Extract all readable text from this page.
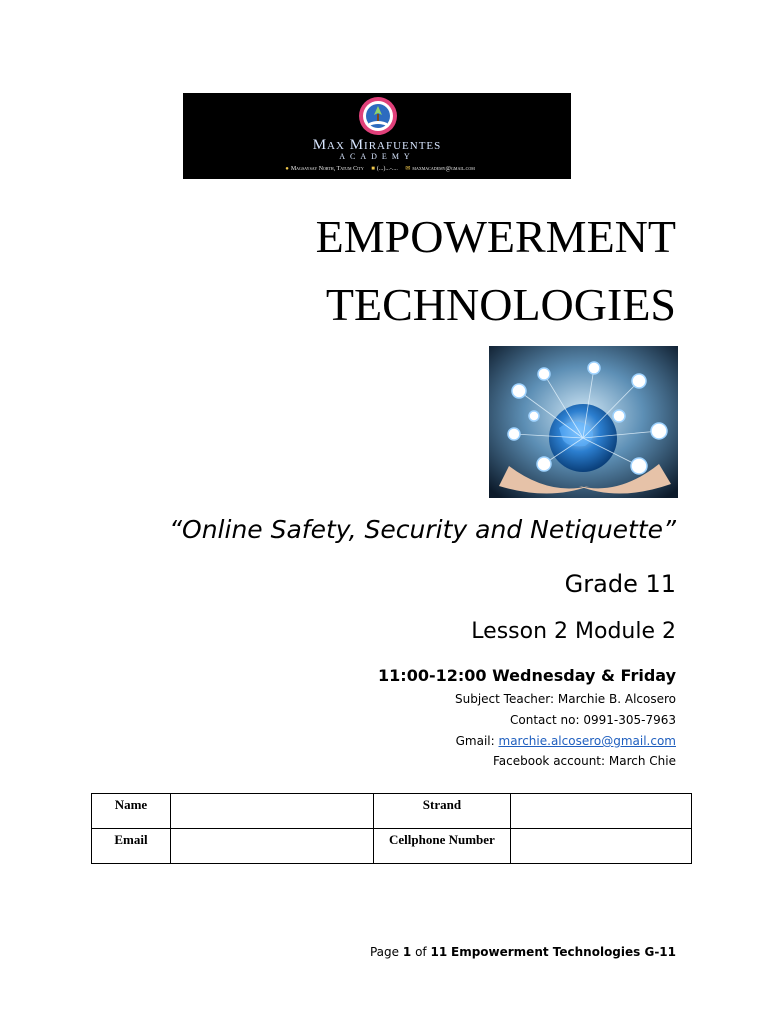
Max Mirafuentes
ACADEMY
● Magsaysay North, Tatum City ■ (...)...-.... ✉ maxmacademy@gmail.com
EMPOWERMENT
TECHNOLOGIES
“Online Safety, Security and Netiquette”
Grade 11
Lesson 2 Module 2
11:00-12:00 Wednesday & Friday
Subject Teacher: Marchie B. Alcosero
Contact no: 0991-305-7963
Gmail: marchie.alcosero@gmail.com
Facebook account: March Chie
Name		Strand	
Email		Cellphone Number	
Page 1 of 11 Empowerment Technologies G-11
